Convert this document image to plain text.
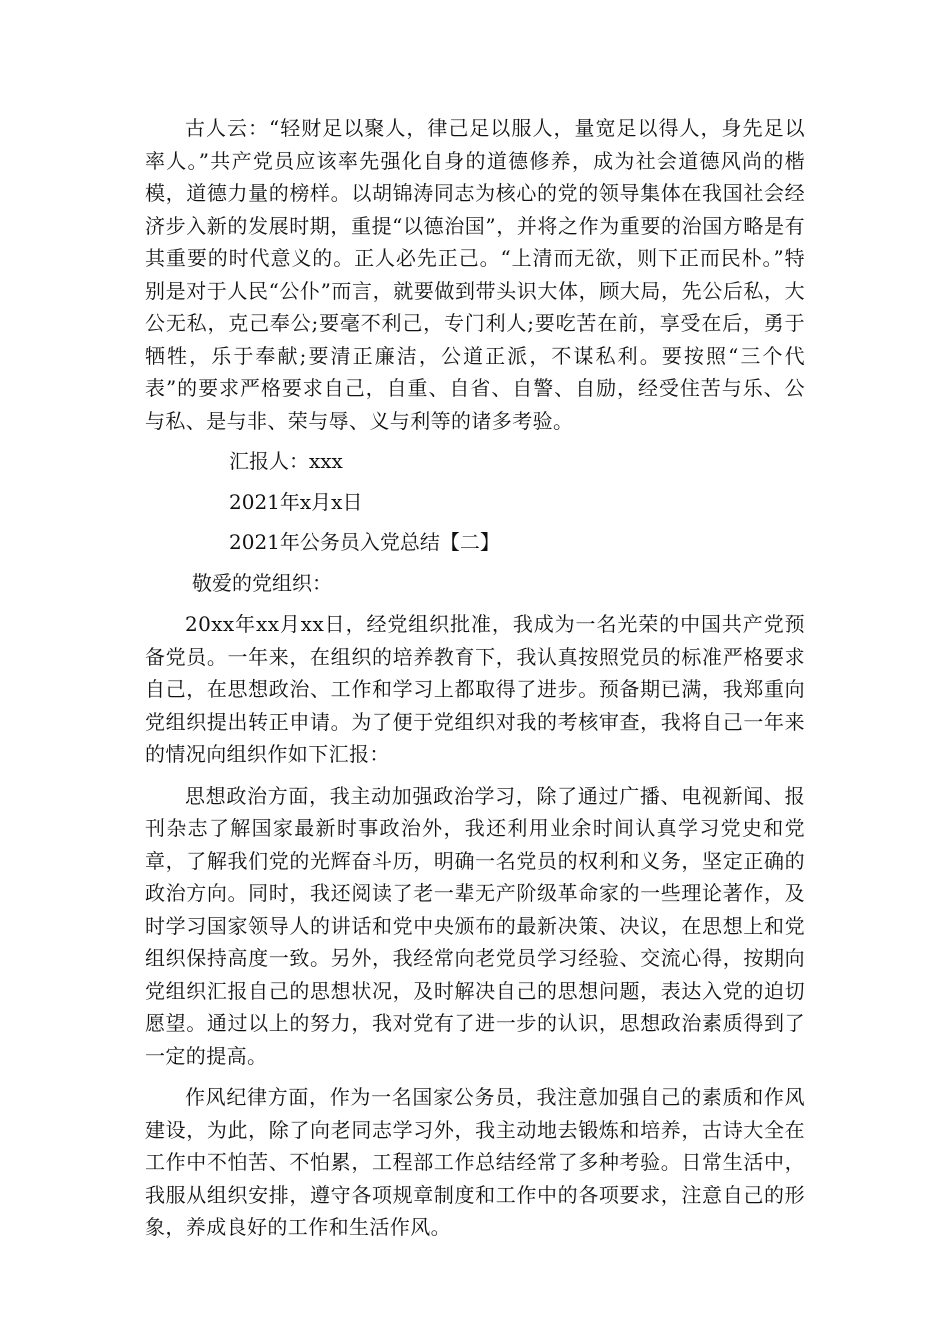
古人云：“轻财足以聚人，律己足以服人，量宽足以得人，身先足以率人。”共产党员应该率先强化自身的道德修养，成为社会道德风尚的楷模，道德力量的榜样。以胡锦涛同志为核心的党的领导集体在我国社会经济步入新的发展时期，重提“以德治国”，并将之作为重要的治国方略是有其重要的时代意义的。正人必先正己。“上清而无欲，则下正而民朴。”特别是对于人民“公仆”而言，就要做到带头识大体，顾大局，先公后私，大公无私，克己奉公;要毫不利己，专门利人;要吃苦在前，享受在后，勇于牺牲，乐于奉献;要清正廉洁，公道正派，不谋私利。要按照“三个代表”的要求严格要求自己，自重、自省、自警、自励，经受住苦与乐、公与私、是与非、荣与辱、义与利等的诸多考验。

汇报人：xxx

2021年x月x日

2021年公务员入党总结【二】

敬爱的党组织：

20xx年xx月xx日，经党组织批准，我成为一名光荣的中国共产党预备党员。一年来，在组织的培养教育下，我认真按照党员的标准严格要求自己，在思想政治、工作和学习上都取得了进步。预备期已满，我郑重向党组织提出转正申请。为了便于党组织对我的考核审查，我将自己一年来的情况向组织作如下汇报：

思想政治方面，我主动加强政治学习，除了通过广播、电视新闻、报刊杂志了解国家最新时事政治外，我还利用业余时间认真学习党史和党章，了解我们党的光辉奋斗历，明确一名党员的权利和义务，坚定正确的政治方向。同时，我还阅读了老一辈无产阶级革命家的一些理论著作，及时学习国家领导人的讲话和党中央颁布的最新决策、决议，在思想上和党组织保持高度一致。另外，我经常向老党员学习经验、交流心得，按期向党组织汇报自己的思想状况，及时解决自己的思想问题，表达入党的迫切愿望。通过以上的努力，我对党有了进一步的认识，思想政治素质得到了一定的提高。

作风纪律方面，作为一名国家公务员，我注意加强自己的素质和作风建设，为此，除了向老同志学习外，我主动地去锻炼和培养，古诗大全在工作中不怕苦、不怕累，工程部工作总结经常了多种考验。日常生活中，我服从组织安排，遵守各项规章制度和工作中的各项要求，注意自己的形象，养成良好的工作和生活作风。
